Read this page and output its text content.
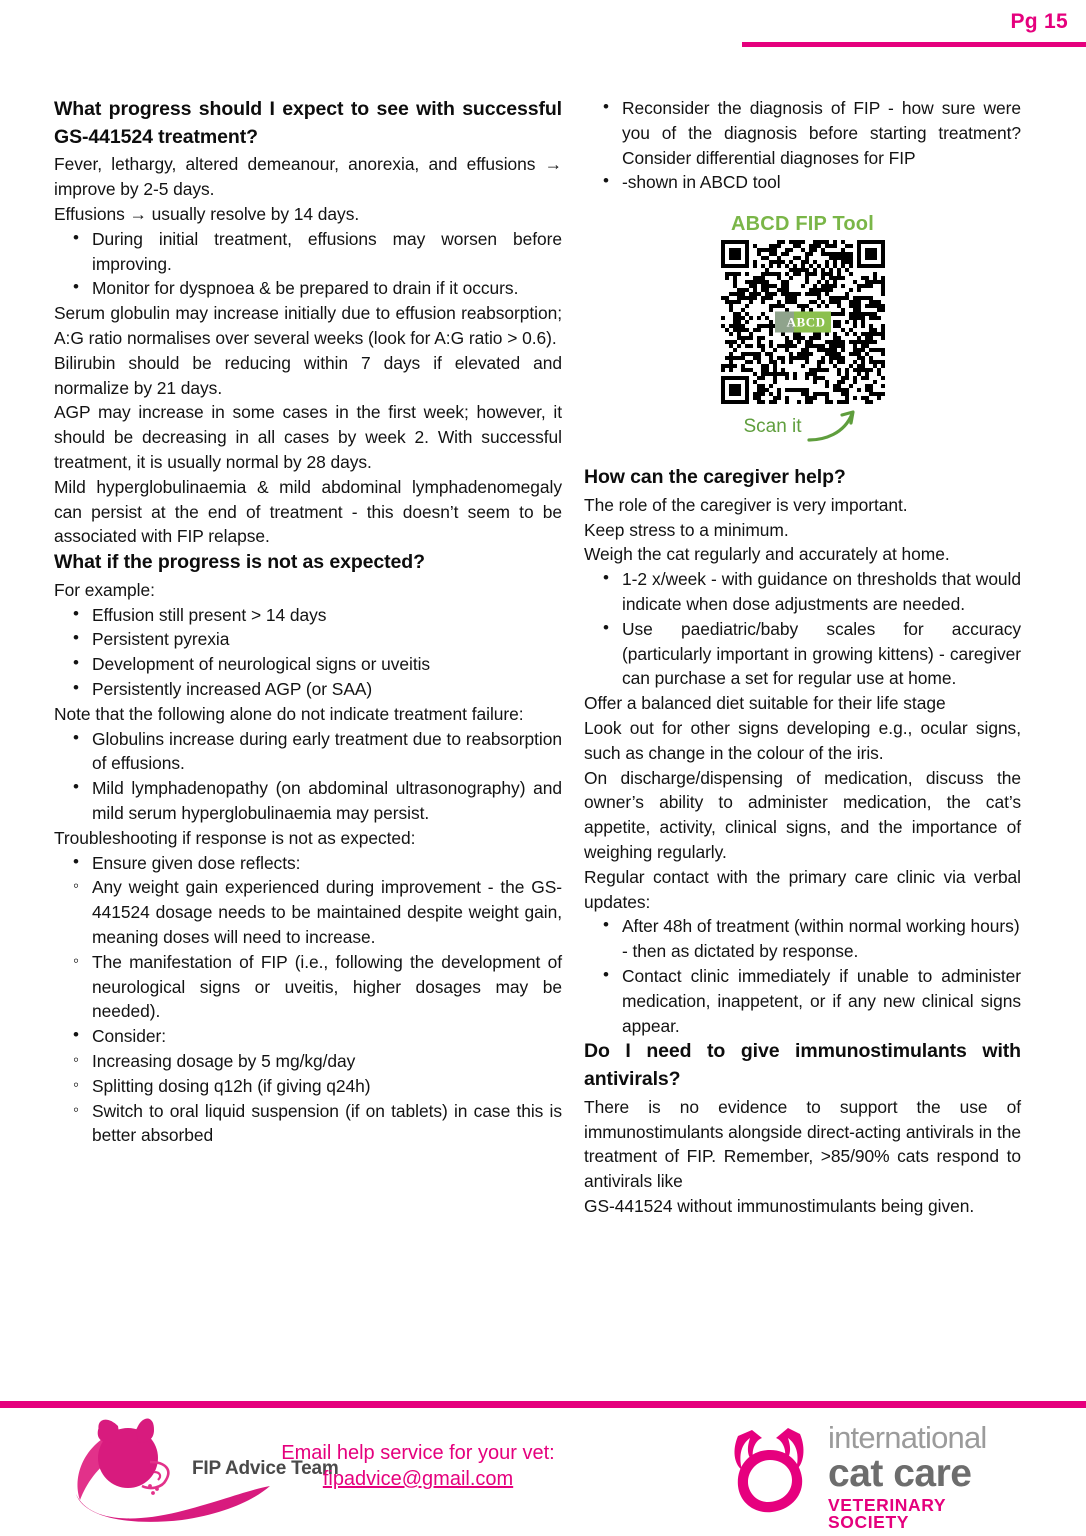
Pg 15
What progress should I expect to see with successful GS-441524 treatment?

Fever, lethargy, altered demeanour, anorexia, and effusions → improve by 2-5 days.

Effusions → usually resolve by 14 days.

• During initial treatment, effusions may worsen before improving.
• Monitor for dyspnoea & be prepared to drain if it occurs.

Serum globulin may increase initially due to effusion reabsorption; A:G ratio normalises over several weeks (look for A:G ratio > 0.6).

Bilirubin should be reducing within 7 days if elevated and normalize by 21 days.

AGP may increase in some cases in the first week; however, it should be decreasing in all cases by week 2. With successful treatment, it is usually normal by 28 days.

Mild hyperglobulinaemia & mild abdominal lymphadenomegaly can persist at the end of treatment - this doesn’t seem to be associated with FIP relapse.

What if the progress is not as expected?

For example:

• Effusion still present > 14 days
• Persistent pyrexia
• Development of neurological signs or uveitis
• Persistently increased AGP (or SAA)

Note that the following alone do not indicate treatment failure:

• Globulins increase during early treatment due to reabsorption of effusions.
• Mild lymphadenopathy (on abdominal ultrasonography) and mild serum hyperglobulinaemia may persist.

Troubleshooting if response is not as expected:

• Ensure given dose reflects:
◦ Any weight gain experienced during improvement - the GS-441524 dosage needs to be maintained despite weight gain, meaning doses will need to increase.
◦ The manifestation of FIP (i.e., following the development of neurological signs or uveitis, higher dosages may be needed).
• Consider:
◦ Increasing dosage by 5 mg/kg/day
◦ Splitting dosing q12h (if giving q24h)
◦ Switch to oral liquid suspension (if on tablets) in case this is better absorbed
• Reconsider the diagnosis of FIP - how sure were you of the diagnosis before starting treatment? Consider differential diagnoses for FIP
• -shown in ABCD tool
ABCD FIP Tool
ABCD
Scan it
How can the caregiver help?

The role of the caregiver is very important.

Keep stress to a minimum.

Weigh the cat regularly and accurately at home.

• 1-2 x/week - with guidance on thresholds that would indicate when dose adjustments are needed.
• Use paediatric/baby scales for accuracy (particularly important in growing kittens) - caregiver can purchase a set for regular use at home.

Offer a balanced diet suitable for their life stage

Look out for other signs developing e.g., ocular signs, such as change in the colour of the iris.

On discharge/dispensing of medication, discuss the owner’s ability to administer medication, the cat’s appetite, activity, clinical signs, and the importance of weighing regularly.

Regular contact with the primary care clinic via verbal updates:

• After 48h of treatment (within normal working hours) - then as dictated by response.
• Contact clinic immediately if unable to administer medication, inappetent, or if any new clinical signs appear.
Do I need to give immunostimulants with antivirals?

There is no evidence to support the use of immunostimulants alongside direct-acting antivirals in the treatment of FIP. Remember, >85/90% cats respond to antivirals like

GS-441524 without immunostimulants being given.

FIP Advice Team
Email help service for your vet:
fipadvice@gmail.com
international
cat care
VETERINARY SOCIETY
